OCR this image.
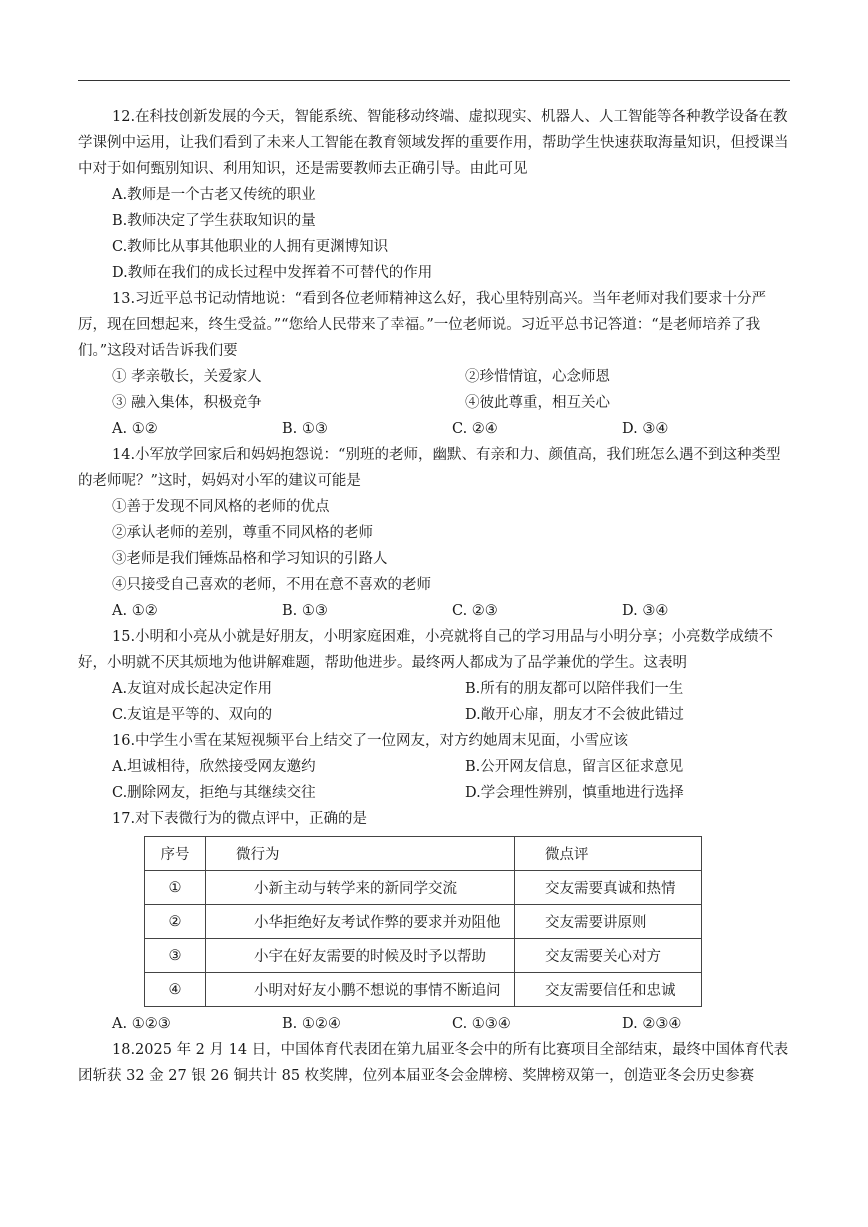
12.在科技创新发展的今天，智能系统、智能移动终端、虚拟现实、机器人、人工智能等各种教学设备在教学课例中运用，让我们看到了未来人工智能在教育领域发挥的重要作用，帮助学生快速获取海量知识，但授课当中对于如何甄别知识、利用知识，还是需要教师去正确引导。由此可见

A.教师是一个古老又传统的职业

B.教师决定了学生获取知识的量

C.教师比从事其他职业的人拥有更渊博知识

D.教师在我们的成长过程中发挥着不可替代的作用

13.习近平总书记动情地说：“看到各位老师精神这么好，我心里特别高兴。当年老师对我们要求十分严厉，现在回想起来，终生受益。”“您给人民带来了幸福。”一位老师说。习近平总书记答道：“是老师培养了我们。”这段对话告诉我们要

① 孝亲敬长，关爱家人	②珍惜情谊，心念师恩
③ 融入集体，积极竞争	④彼此尊重，相互关心
A. ①②	B. ①③	C. ②④	D. ③④

14.小军放学回家后和妈妈抱怨说：“别班的老师，幽默、有亲和力、颜值高，我们班怎么遇不到这种类型的老师呢？”这时，妈妈对小军的建议可能是

①善于发现不同风格的老师的优点

②承认老师的差别，尊重不同风格的老师

③老师是我们锤炼品格和学习知识的引路人

④只接受自己喜欢的老师，不用在意不喜欢的老师

A. ①②	B. ①③	C. ②③	D. ③④

15.小明和小亮从小就是好朋友，小明家庭困难，小亮就将自己的学习用品与小明分享；小亮数学成绩不好，小明就不厌其烦地为他讲解难题，帮助他进步。最终两人都成为了品学兼优的学生。这表明

A.友谊对成长起决定作用	B.所有的朋友都可以陪伴我们一生
C.友谊是平等的、双向的	D.敞开心扉，朋友才不会彼此错过

16.中学生小雪在某短视频平台上结交了一位网友，对方约她周末见面，小雪应该

A.坦诚相待，欣然接受网友邀约	B.公开网友信息，留言区征求意见
C.删除网友，拒绝与其继续交往	D.学会理性辨别，慎重地进行选择

17.对下表微行为的微点评中，正确的是

序号	微行为	微点评
①	小新主动与转学来的新同学交流	交友需要真诚和热情
②	小华拒绝好友考试作弊的要求并劝阻他	交友需要讲原则
③	小宇在好友需要的时候及时予以帮助	交友需要关心对方
④	小明对好友小鹏不想说的事情不断追问	交友需要信任和忠诚
A. ①②③	B. ①②④	C. ①③④	D. ②③④

18.2025 年 2 月 14 日，中国体育代表团在第九届亚冬会中的所有比赛项目全部结束，最终中国体育代表团斩获 32 金 27 银 26 铜共计 85 枚奖牌，位列本届亚冬会金牌榜、奖牌榜双第一，创造亚冬会历史参赛
